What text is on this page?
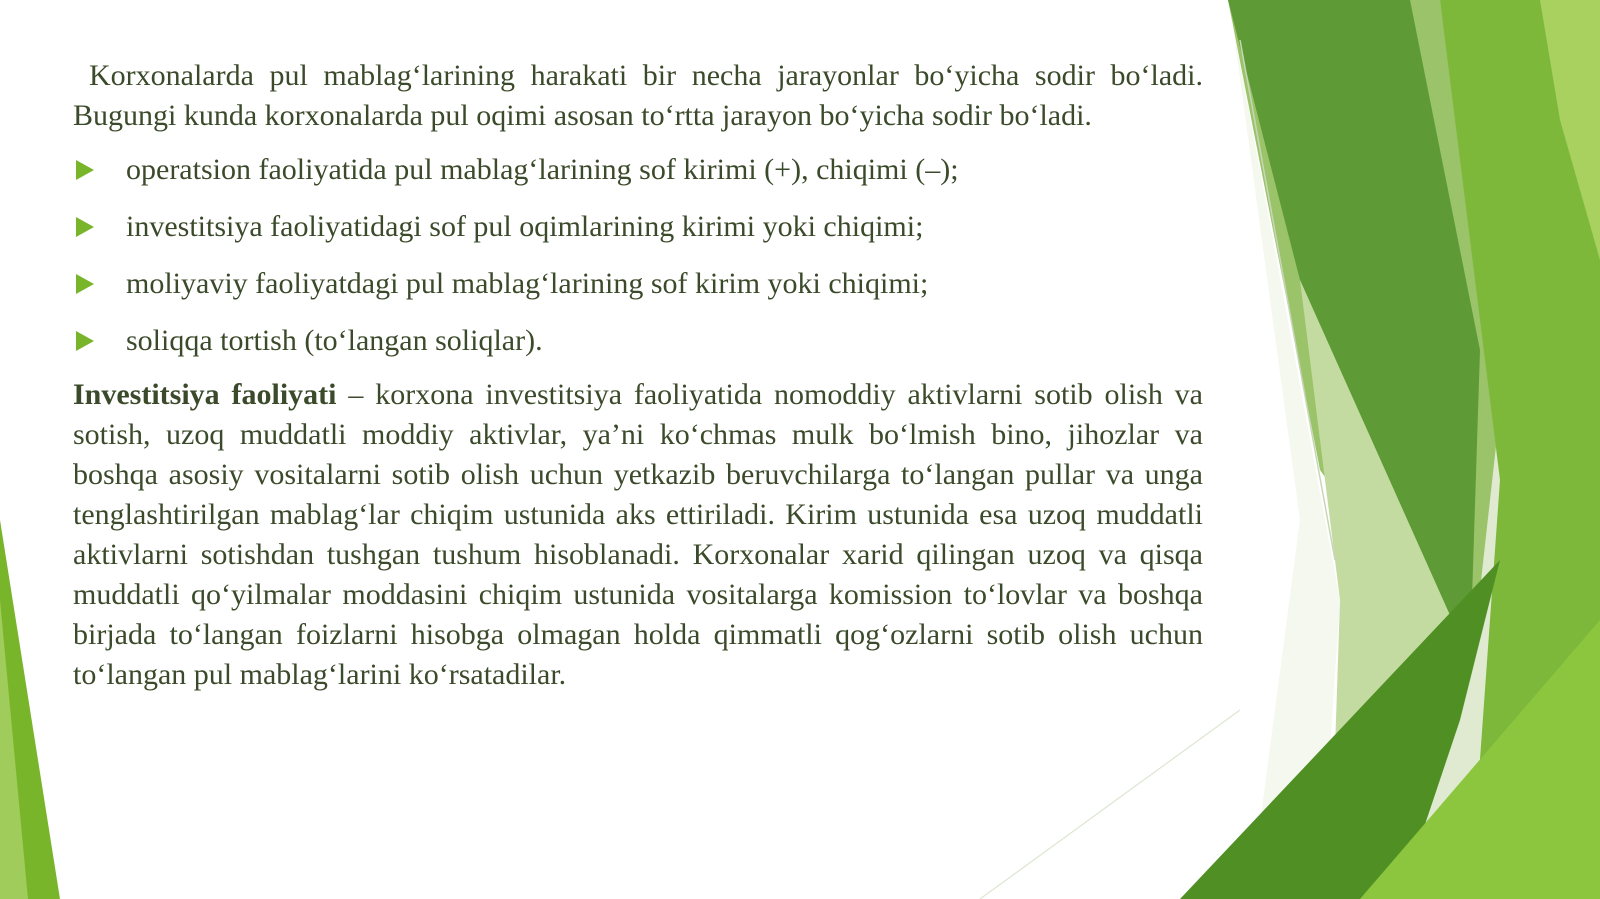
Korxonalarda pul mablag‘larining harakati bir necha jarayonlar bo‘yicha sodir bo‘ladi. Bugungi kunda korxonalarda pul oqimi asosan to‘rtta jarayon bo‘yicha sodir bo‘ladi.

operatsion faoliyatida pul mablag‘larining sof kirimi (+), chiqimi (–);
investitsiya faoliyatidagi sof pul oqimlarining kirimi yoki chiqimi;
moliyaviy faoliyatdagi pul mablag‘larining sof kirim yoki chiqimi;
soliqqa tortish (to‘langan soliqlar).

Investitsiya faoliyati – korxona investitsiya faoliyatida nomoddiy aktivlarni sotib olish va sotish, uzoq muddatli moddiy aktivlar, ya’ni ko‘chmas mulk bo‘lmish bino, jihozlar va boshqa asosiy vositalarni sotib olish uchun yetkazib beruvchilarga to‘langan pullar va unga tenglashtirilgan mablag‘lar chiqim ustunida aks ettiriladi. Kirim ustunida esa uzoq muddatli aktivlarni sotishdan tushgan tushum hisoblanadi. Korxonalar xarid qilingan uzoq va qisqa muddatli qo‘yilmalar moddasini chiqim ustunida vositalarga komission to‘lovlar va boshqa birjada to‘langan foizlarni hisobga olmagan holda qimmatli qog‘ozlarni sotib olish uchun to‘langan pul mablag‘larini ko‘rsatadilar.
